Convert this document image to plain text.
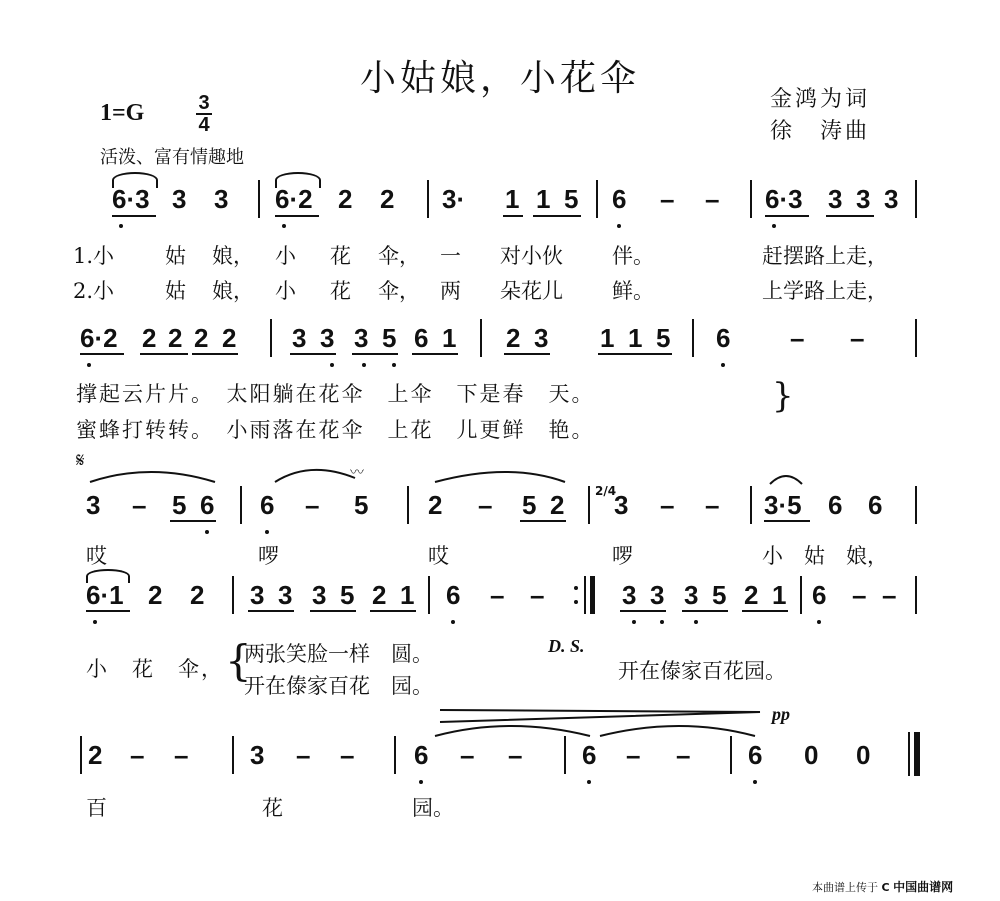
小姑娘，小花伞
金鸿为词
徐　涛曲
1=G	3
4
活泼、富有情趣地
6·3 3 3 6·2 2 2 3· 1 1 5 6 – – 6·3 3 3 3
1.小 姑 娘， 小 花 伞， 一 对小伙 伴。	赶摆路上走，
2.小 姑 娘， 小 花 伞， 两 朵花儿 鲜。	上学路上走，
6·2 2 2 2 2 3 3 3 5 6 1 2 3 1 1 5 6 – –
撑起云片片。　太阳躺在花伞　上伞　下是春　天。
蜜蜂打转转。　小雨落在花伞　上花　儿更鲜　艳。
}
𝄋
〰
3 – 5 6 6 – 5 2 – 5 2	2/4
3 – – 3·5 6 6
哎	啰	哎	啰	小　姑　娘，
6·1 2 2 3 3 3 5 2 1 6 – –	3 3 3 5 2 1 6 – –
小　花　伞， {
两张笑脸一样　圆。
开在傣家百花　园。
D. S.
开在傣家百花园。
pp
2 – – 3 – – 6 – – 6 – – 6 0 0
百	花	园。
本曲谱上传于 C 中国曲谱网
